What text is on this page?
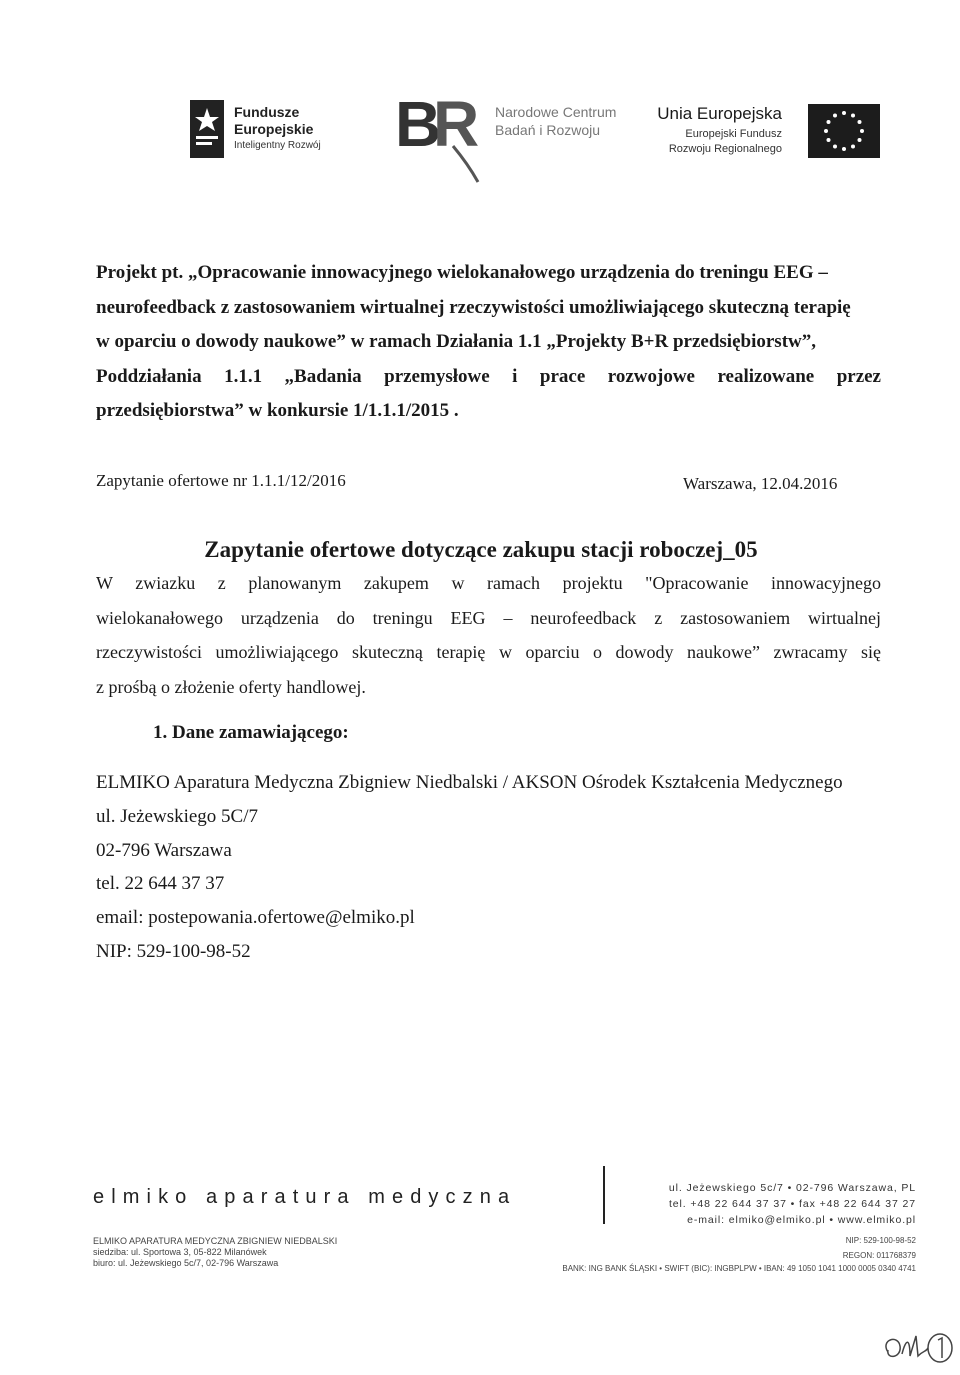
Fundusze
Europejskie
Inteligentny Rozwój B
R Narodowe Centrum
Badań i Rozwoju
Unia Europejska
Europejski Fundusz
Rozwoju Regionalnego
Projekt pt. „Opracowanie innowacyjnego wielokanałowego urządzenia do treningu EEG –
neurofeedback z zastosowaniem wirtualnej rzeczywistości umożliwiającego skuteczną terapię
w oparciu o dowody naukowe” w ramach Działania 1.1 „Projekty B+R przedsiębiorstw”,
Poddziałania 1.1.1 „Badania przemysłowe i prace rozwojowe realizowane przez
przedsiębiorstwa” w konkursie 1/1.1.1/2015 .
Zapytanie ofertowe nr 1.1.1/12/2016	Warszawa, 12.04.2016
Zapytanie ofertowe dotyczące zakupu stacji roboczej_05
W zwiazku z planowanym zakupem w ramach projektu "Opracowanie innowacyjnego
wielokanałowego urządzenia do treningu EEG – neurofeedback z zastosowaniem wirtualnej
rzeczywistości umożliwiającego skuteczną terapię w oparciu o dowody naukowe” zwracamy się
z prośbą o złożenie oferty handlowej.
1. Dane zamawiającego:
ELMIKO Aparatura Medyczna Zbigniew Niedbalski / AKSON Ośrodek Kształcenia Medycznego
ul. Jeżewskiego 5C/7
02-796 Warszawa
tel. 22 644 37 37
email: postepowania.ofertowe@elmiko.pl
NIP: 529-100-98-52
elmiko aparatura medyczna
ELMIKO APARATURA MEDYCZNA ZBIGNIEW NIEDBALSKI
siedziba: ul. Sportowa 3, 05-822 Milanówek
biuro: ul. Jeżewskiego 5c/7, 02-796 Warszawa
ul. Jeżewskiego 5c/7 • 02-796 Warszawa, PL
tel. +48 22 644 37 37 • fax +48 22 644 37 27
e-mail: elmiko@elmiko.pl • www.elmiko.pl
NIP: 529-100-98-52
REGON: 011768379
BANK: ING BANK ŚLĄSKI • SWIFT (BIC): INGBPLPW • IBAN: 49 1050 1041 1000 0005 0340 4741
